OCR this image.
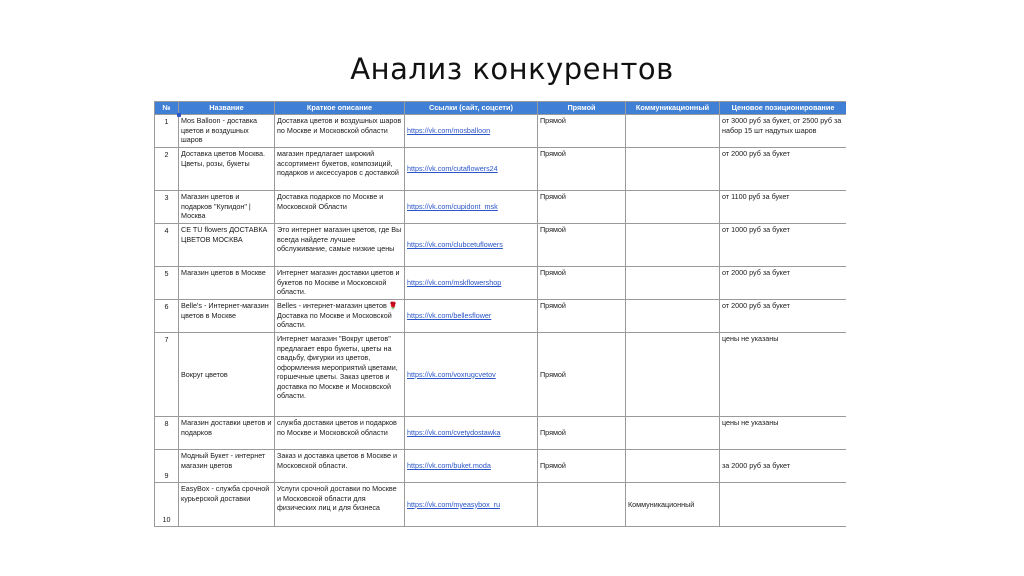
Анализ конкурентов
№	Название	Краткое описание	Ссылки (сайт, соцсети)	Прямой	Коммуникационный	Ценовое позиционирование
1	Mos Balloon - доставка цветов и воздушных шаров	Доставка цветов и воздушных шаров по Москве и Московской области	https://vk.com/mosballoon	Прямой		от 3000 руб за букет, от 2500 руб за набор 15 шт надутых шаров
2	Доставка цветов Москва. Цветы, розы, букеты	магазин предлагает широкий ассортимент букетов, композиций, подарков и аксессуаров с доставкой	https://vk.com/cutaflowers24	Прямой		от 2000 руб за букет
3	Магазин цветов и подарков "Купидон" | Москва	Доставка подарков по Москве и Московской Области	https://vk.com/cupidont_msk	Прямой		от 1100 руб за букет
4	CE TU flowers ДОСТАВКА ЦВЕТОВ МОСКВА	Это интернет магазин цветов, где Вы всегда найдете лучшее обслуживание, самые низкие цены	https://vk.com/clubcetuflowers	Прямой		от 1000 руб за букет
5	Магазин цветов в Москве	Интернет магазин доставки цветов и букетов по Москве и Московской области.	https://vk.com/mskflowershop	Прямой		от 2000 руб за букет
6	Belle's - Интернет-магазин цветов в Москве	Belles - интернет-магазин цветов 🌹 Доставка по Москве и Московской области.	https://vk.com/bellesflower	Прямой		от 2000 руб за букет
7	Вокруг цветов	Интернет магазин "Вокруг цветов" предлагает евро букеты, цветы на свадьбу, фигурки из цветов, оформления мероприятий цветами, горшечные цветы. Заказ цветов и доставка по Москве и Московской области.	https://vk.com/voxrugcvetov	Прямой		цены не указаны
8	Магазин доставки цветов и подарков	служба доставки цветов и подарков по Москве и Московской области	https://vk.com/cvetydostawka	Прямой		цены не указаны
9	Модный Букет - интернет магазин цветов	Заказ и доставка цветов в Москве и Московской области.	https://vk.com/buket.moda	Прямой		за 2000 руб за букет
10	EasyBox - служба срочной курьерской доставки	Услуги срочной доставки по Москве и Московской области для физических лиц и для бизнеса	https://vk.com/myeasybox_ru		Коммуникационный	
